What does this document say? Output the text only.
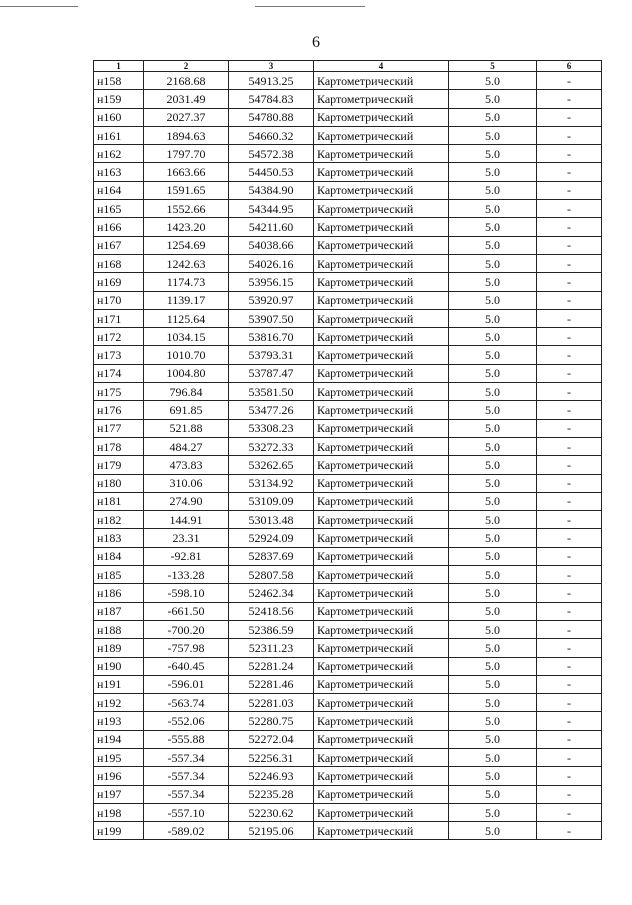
6
1	2	3	4	5	6
н158	2168.68	54913.25	Картометрический	5.0	-
н159	2031.49	54784.83	Картометрический	5.0	-
н160	2027.37	54780.88	Картометрический	5.0	-
н161	1894.63	54660.32	Картометрический	5.0	-
н162	1797.70	54572.38	Картометрический	5.0	-
н163	1663.66	54450.53	Картометрический	5.0	-
н164	1591.65	54384.90	Картометрический	5.0	-
н165	1552.66	54344.95	Картометрический	5.0	-
н166	1423.20	54211.60	Картометрический	5.0	-
н167	1254.69	54038.66	Картометрический	5.0	-
н168	1242.63	54026.16	Картометрический	5.0	-
н169	1174.73	53956.15	Картометрический	5.0	-
н170	1139.17	53920.97	Картометрический	5.0	-
н171	1125.64	53907.50	Картометрический	5.0	-
н172	1034.15	53816.70	Картометрический	5.0	-
н173	1010.70	53793.31	Картометрический	5.0	-
н174	1004.80	53787.47	Картометрический	5.0	-
н175	796.84	53581.50	Картометрический	5.0	-
н176	691.85	53477.26	Картометрический	5.0	-
н177	521.88	53308.23	Картометрический	5.0	-
н178	484.27	53272.33	Картометрический	5.0	-
н179	473.83	53262.65	Картометрический	5.0	-
н180	310.06	53134.92	Картометрический	5.0	-
н181	274.90	53109.09	Картометрический	5.0	-
н182	144.91	53013.48	Картометрический	5.0	-
н183	23.31	52924.09	Картометрический	5.0	-
н184	-92.81	52837.69	Картометрический	5.0	-
н185	-133.28	52807.58	Картометрический	5.0	-
н186	-598.10	52462.34	Картометрический	5.0	-
н187	-661.50	52418.56	Картометрический	5.0	-
н188	-700.20	52386.59	Картометрический	5.0	-
н189	-757.98	52311.23	Картометрический	5.0	-
н190	-640.45	52281.24	Картометрический	5.0	-
н191	-596.01	52281.46	Картометрический	5.0	-
н192	-563.74	52281.03	Картометрический	5.0	-
н193	-552.06	52280.75	Картометрический	5.0	-
н194	-555.88	52272.04	Картометрический	5.0	-
н195	-557.34	52256.31	Картометрический	5.0	-
н196	-557.34	52246.93	Картометрический	5.0	-
н197	-557.34	52235.28	Картометрический	5.0	-
н198	-557.10	52230.62	Картометрический	5.0	-
н199	-589.02	52195.06	Картометрический	5.0	-
